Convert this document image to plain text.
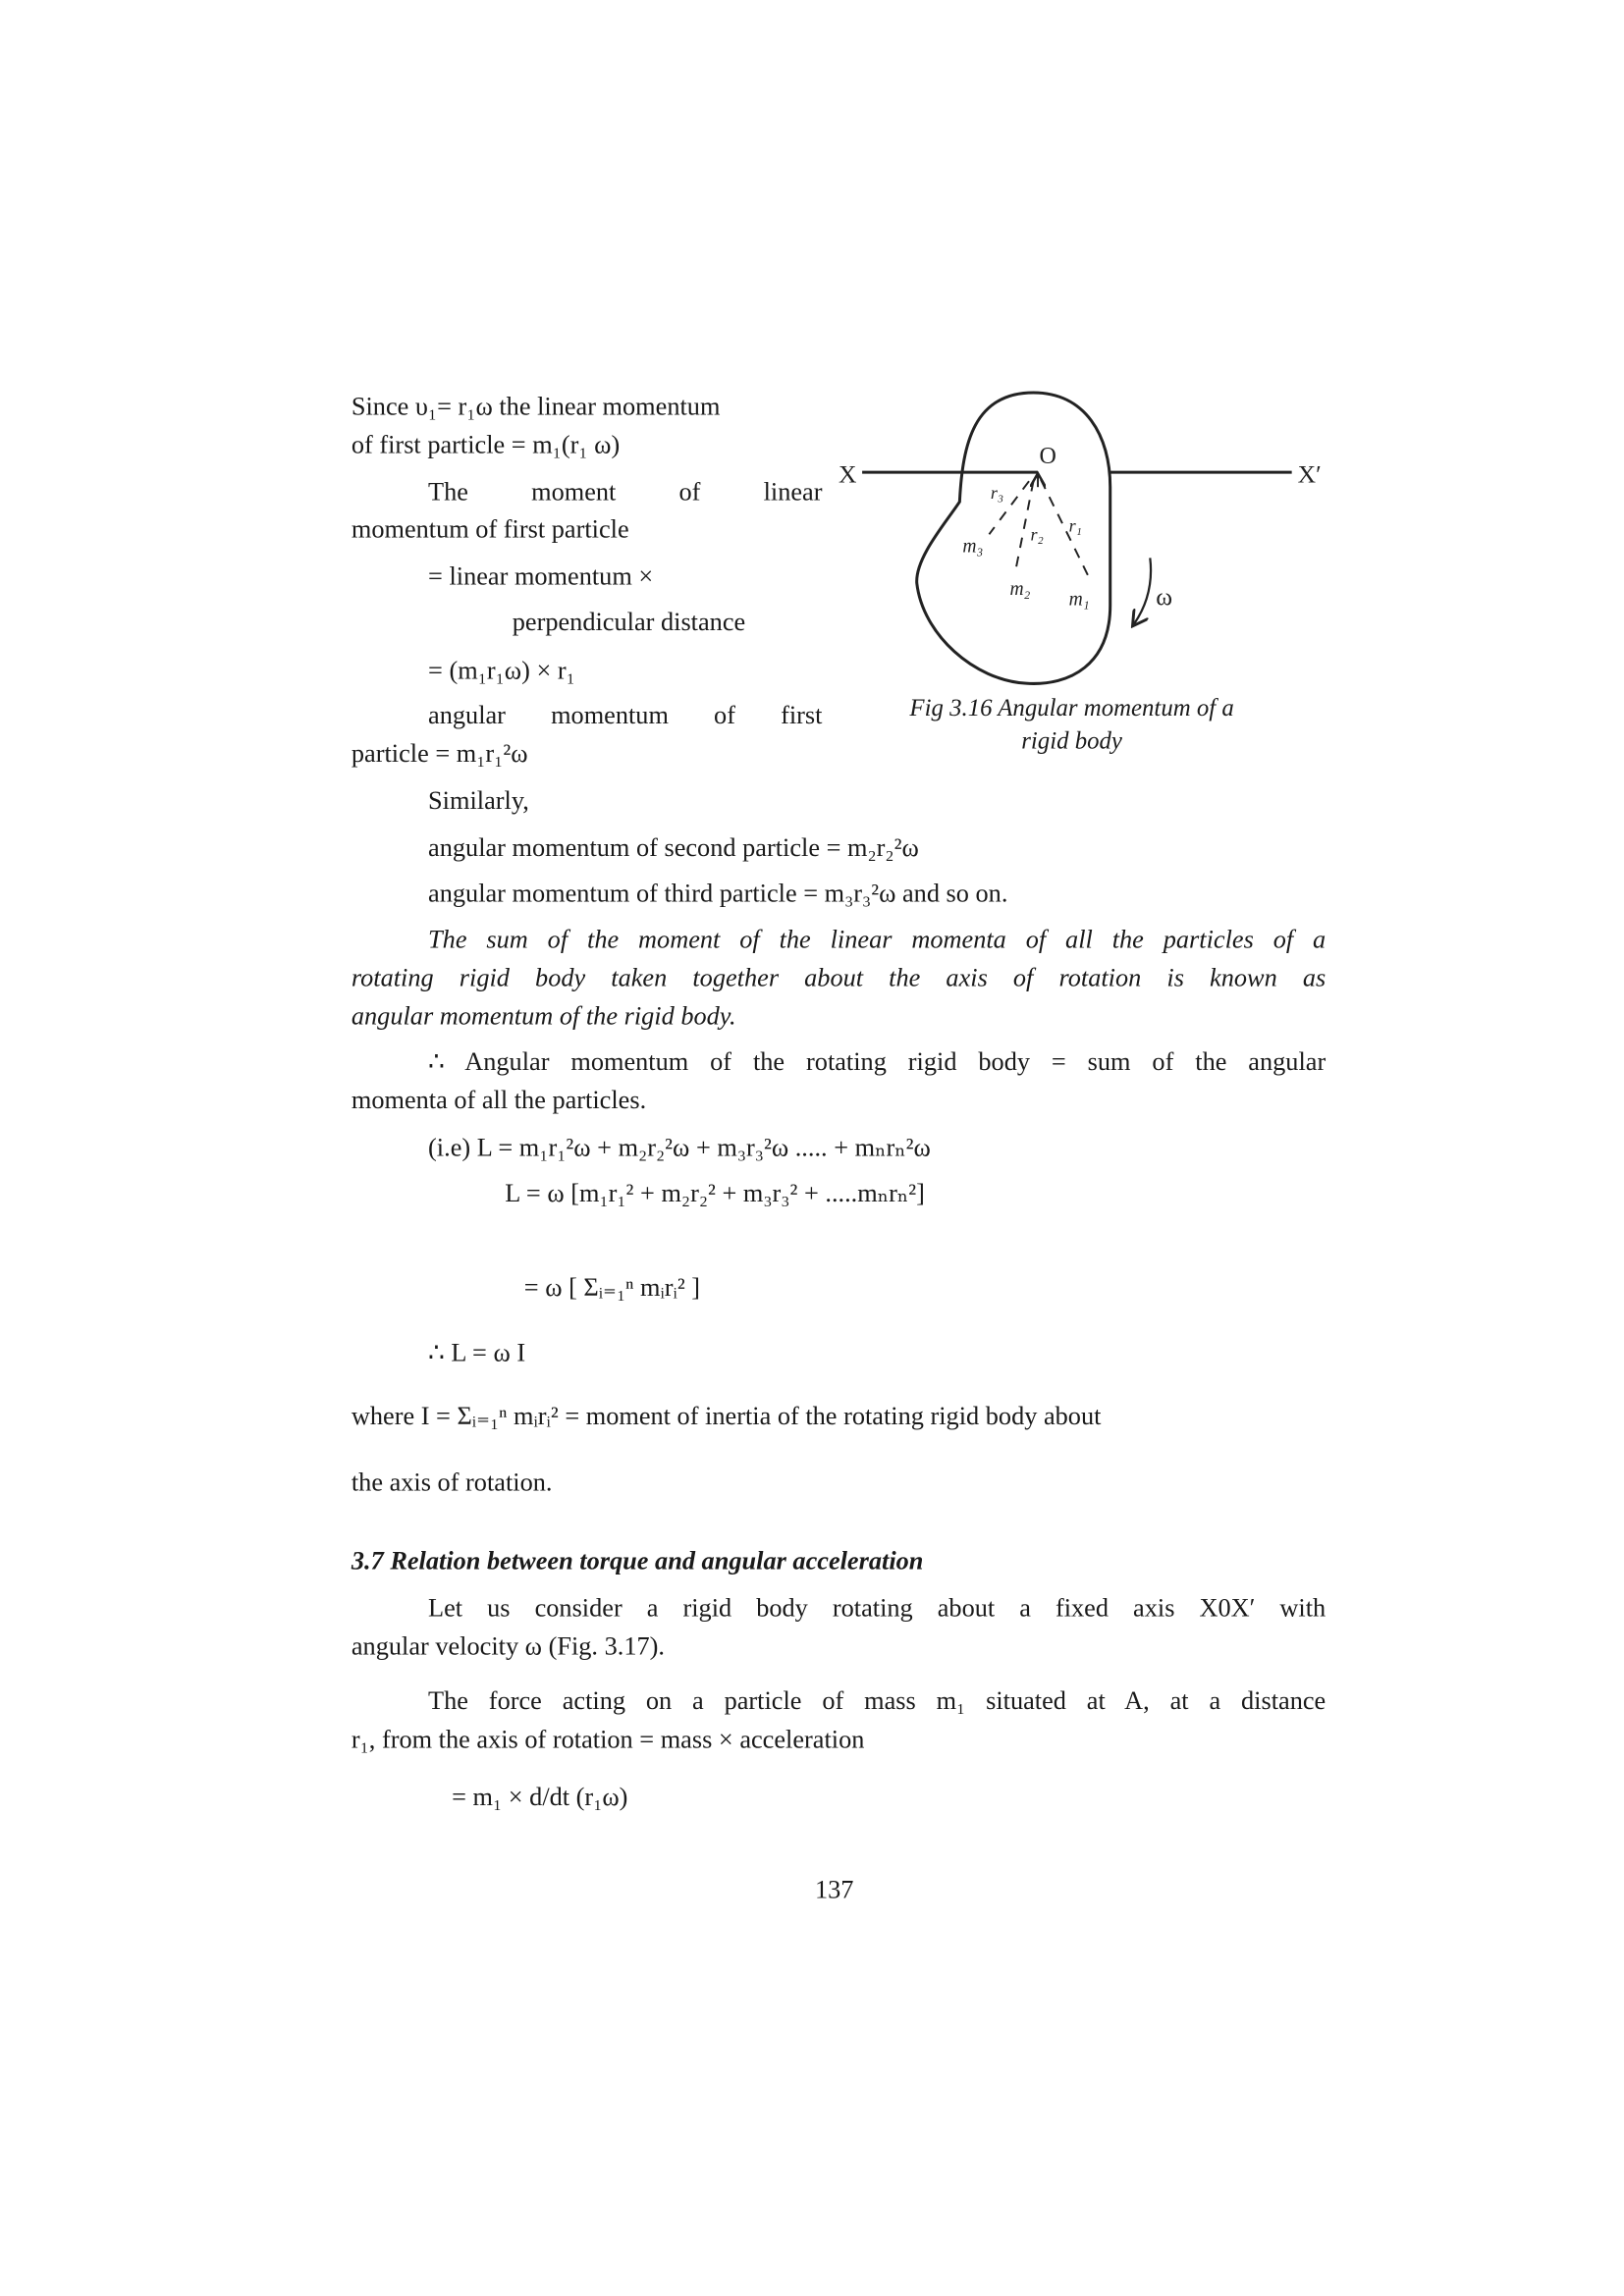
Since υ₁= r₁ω the linear momentum
of first particle = m₁(r₁ ω)
The moment of linear
momentum of first particle
= linear momentum ×
perpendicular distance
= (m₁r₁ω) × r₁
angular momentum of first
particle = m₁r₁²ω
Similarly,
X	X′
O
r₃
r₂ r₁
m₃
m₂
m₁	ω
Fig 3.16 Angular momentum of a
rigid body
angular momentum of second particle = m₂r₂²ω
angular momentum of third particle = m₃r₃²ω and so on.
The sum of the moment of the linear momenta of all the particles of a
rotating rigid body taken together about the axis of rotation is known as
angular momentum of the rigid body.
∴ Angular momentum of the rotating rigid body = sum of the angular
momenta of all the particles.
(i.e) L = m₁r₁²ω + m₂r₂²ω + m₃r₃²ω ..... + mₙrₙ²ω
L = ω [m₁r₁² + m₂r₂² + m₃r₃² + .....mₙrₙ²]
= ω [ Σᵢ₌₁ⁿ mᵢrᵢ² ]
∴ L = ω I
where I = Σᵢ₌₁ⁿ mᵢrᵢ² = moment of inertia of the rotating rigid body about
the axis of rotation.
3.7 Relation between torque and angular acceleration
Let us consider a rigid body rotating about a fixed axis X0X′ with
angular velocity ω (Fig. 3.17).
The force acting on a particle of mass m₁ situated at A, at a distance
r₁, from the axis of rotation = mass × acceleration
= m₁ × d/dt (r₁ω)
137
